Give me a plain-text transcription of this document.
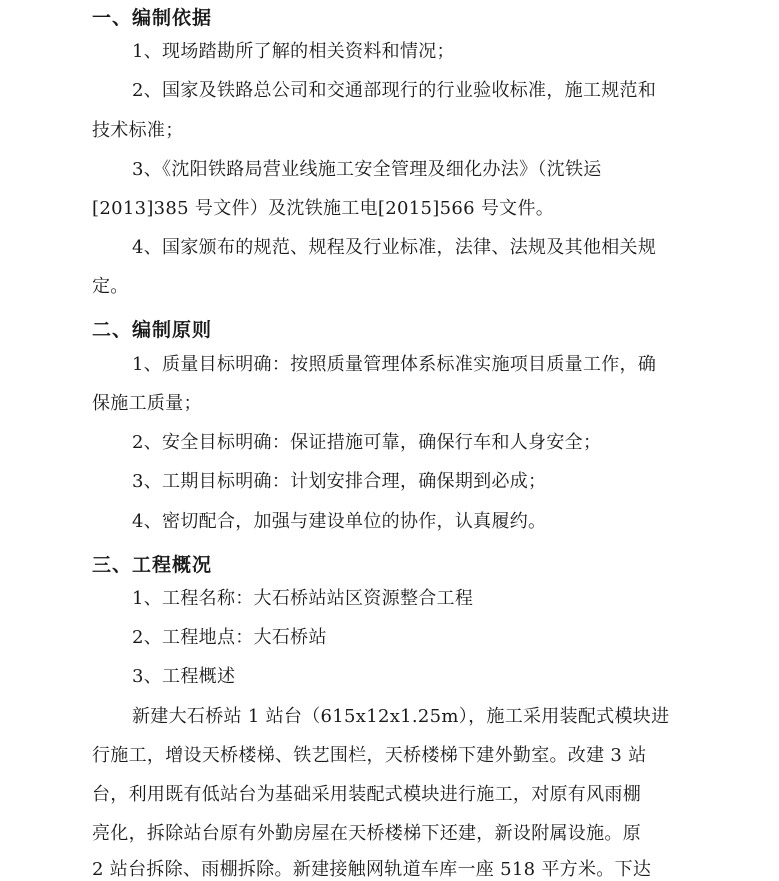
一、编制依据
1、现场踏勘所了解的相关资料和情况；
2、国家及铁路总公司和交通部现行的行业验收标准，施工规范和
技术标准；
3、《沈阳铁路局营业线施工安全管理及细化办法》（沈铁运
[2013]385 号文件）及沈铁施工电[2015]566 号文件。
4、国家颁布的规范、规程及行业标准，法律、法规及其他相关规
定。
二、编制原则
1、质量目标明确：按照质量管理体系标准实施项目质量工作，确
保施工质量；
2、安全目标明确：保证措施可靠，确保行车和人身安全；
3、工期目标明确：计划安排合理，确保期到必成；
4、密切配合，加强与建设单位的协作，认真履约。
三、工程概况
1、工程名称：大石桥站站区资源整合工程
2、工程地点：大石桥站
3、工程概述
新建大石桥站 1 站台（615x12x1.25m），施工采用装配式模块进
行施工，增设天桥楼梯、铁艺围栏，天桥楼梯下建外勤室。改建 3 站
台，利用既有低站台为基础采用装配式模块进行施工，对原有风雨棚
亮化，拆除站台原有外勤房屋在天桥楼梯下还建，新设附属设施。原
2 站台拆除、雨棚拆除。新建接触网轨道车库一座 518 平方米。下达
